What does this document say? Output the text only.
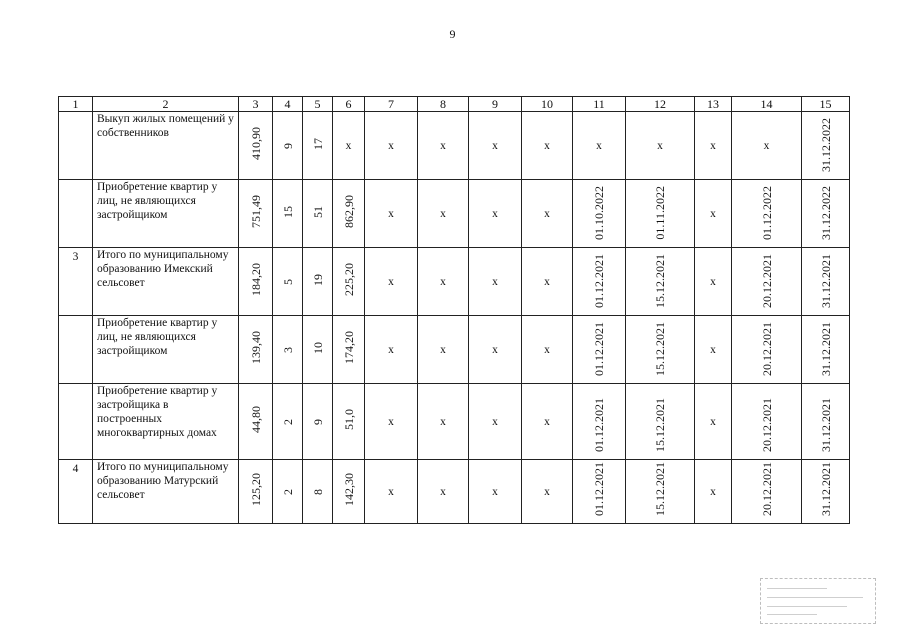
9
1	2	3	4	5	6	7	8	9	10	11	12	13	14	15
	Выкуп жилых помещений у собственников	410,90	9	17	x	x	x	x	x	x	x	x	x	31.12.2022
	Приобретение квартир у лиц, не являющихся застройщиком	751,49	15	51	862,90	x	x	x	x	01.10.2022	01.11.2022	x	01.12.2022	31.12.2022
3	Итого по муниципальному образованию Имекский сельсовет	184,20	5	19	225,20	x	x	x	x	01.12.2021	15.12.2021	x	20.12.2021	31.12.2021
	Приобретение квартир у лиц, не являющихся застройщиком	139,40	3	10	174,20	x	x	x	x	01.12.2021	15.12.2021	x	20.12.2021	31.12.2021
	Приобретение квартир у застройщика в построенных многоквартирных домах	44,80	2	9	51,0	x	x	x	x	01.12.2021	15.12.2021	x	20.12.2021	31.12.2021
4	Итого по муниципальному образованию Матурский сельсовет	125,20	2	8	142,30	x	x	x	x	01.12.2021	15.12.2021	x	20.12.2021	31.12.2021
